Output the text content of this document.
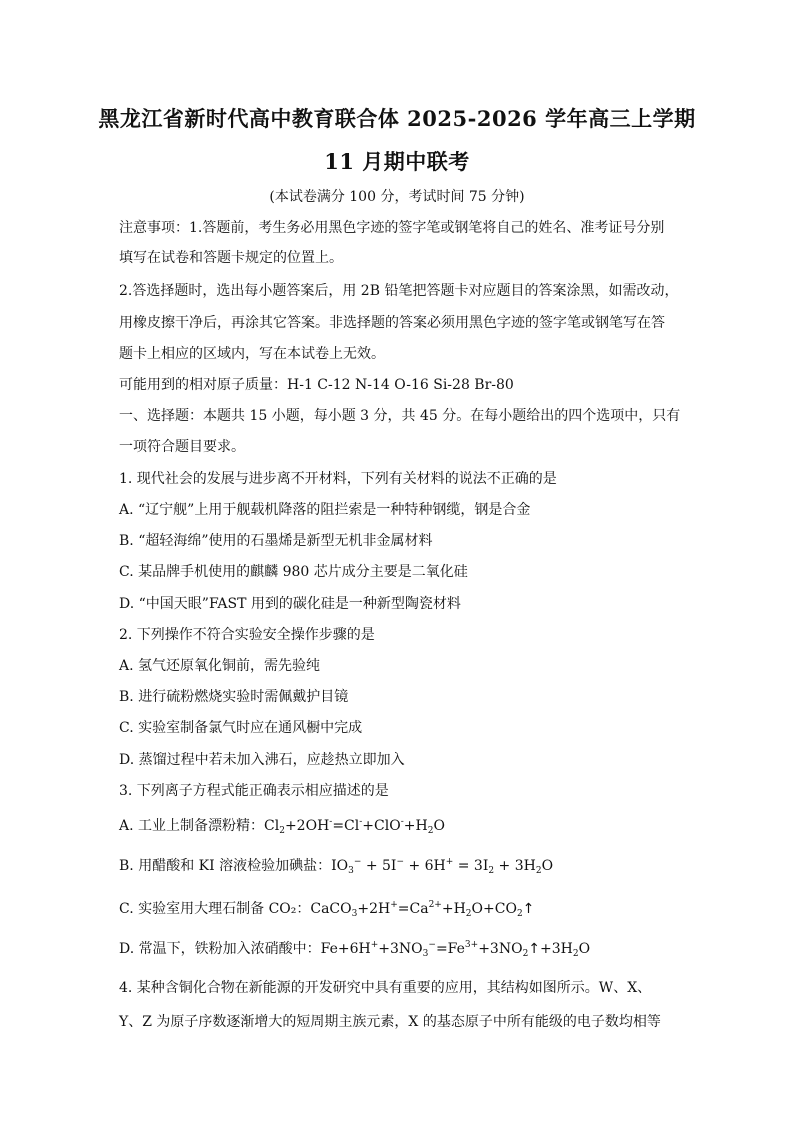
黑龙江省新时代高中教育联合体 2025-2026 学年高三上学期
11 月期中联考
(本试卷满分 100 分，考试时间 75 分钟)
注意事项：1.答题前，考生务必用黑色字迹的签字笔或钢笔将自己的姓名、准考证号分别
填写在试卷和答题卡规定的位置上。
2.答选择题时，选出每小题答案后，用 2B 铅笔把答题卡对应题目的答案涂黑，如需改动，
用橡皮擦干净后，再涂其它答案。非选择题的答案必须用黑色字迹的签字笔或钢笔写在答
题卡上相应的区域内，写在本试卷上无效。
可能用到的相对原子质量：H-1 C-12 N-14 O-16 Si-28 Br-80
一、选择题：本题共 15 小题，每小题 3 分，共 45 分。在每小题给出的四个选项中，只有
一项符合题目要求。
1. 现代社会的发展与进步离不开材料，下列有关材料的说法不正确的是
A. “辽宁舰”上用于舰载机降落的阻拦索是一种特种钢缆，钢是合金
B. “超轻海绵”使用的石墨烯是新型无机非金属材料
C. 某品牌手机使用的麒麟 980 芯片成分主要是二氧化硅
D. “中国天眼”FAST 用到的碳化硅是一种新型陶瓷材料
2. 下列操作不符合实验安全操作步骤的是
A. 氢气还原氧化铜前，需先验纯
B. 进行硫粉燃烧实验时需佩戴护目镜
C. 实验室制备氯气时应在通风橱中完成
D. 蒸馏过程中若未加入沸石，应趁热立即加入
3. 下列离子方程式能正确表示相应描述的是
A. 工业上制备漂粉精：$Cl_2+2OH^-=Cl^-+ClO^-+H_2O$
B. 用醋酸和 KI 溶液检验加碘盐：$IO_3^- + 5I^- + 6H^+ = 3I_2 + 3H_2O$
C. 实验室用大理石制备 CO₂：$CaCO_3+2H^+=Ca^{2+}+H_2O+CO_2↑$
D. 常温下，铁粉加入浓硝酸中：$Fe+6H^++3NO_3^-=Fe^{3+}+3NO_2↑+3H_2O$
4. 某种含铜化合物在新能源的开发研究中具有重要的应用，其结构如图所示。W、X、
Y、Z 为原子序数逐渐增大的短周期主族元素，X 的基态原子中所有能级的电子数均相等
